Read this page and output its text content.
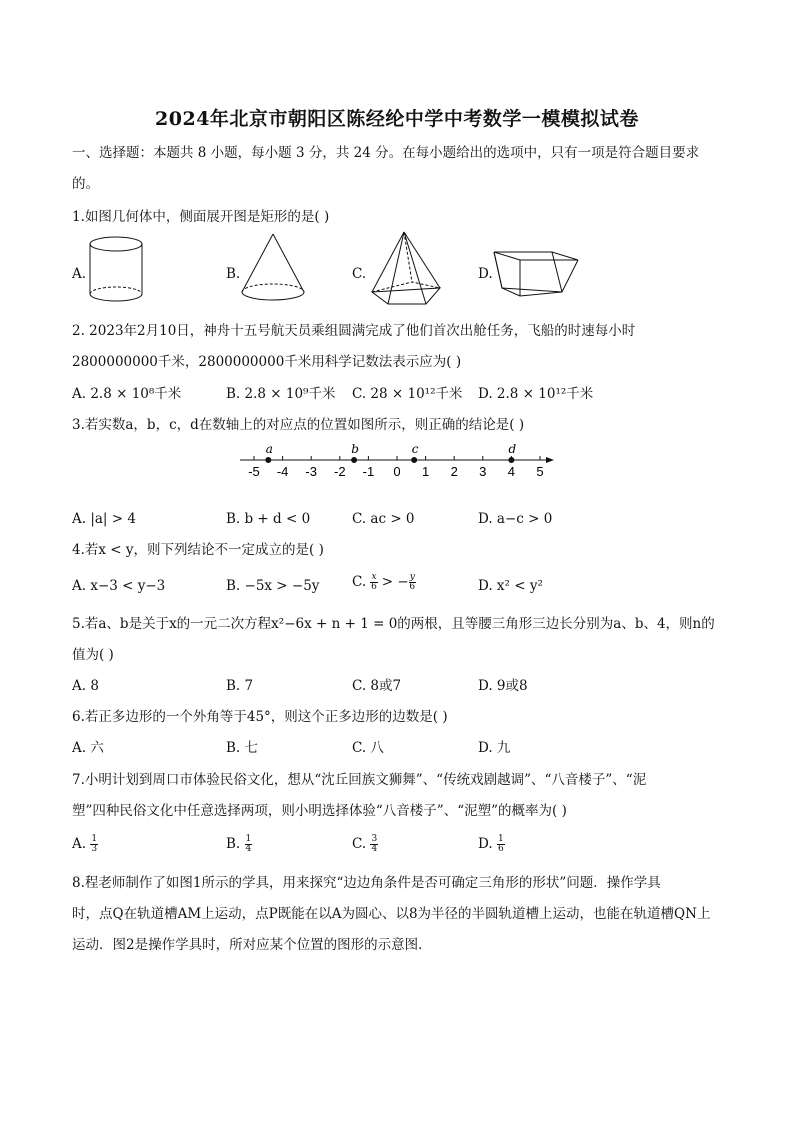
2024年北京市朝阳区陈经纶中学中考数学一模模拟试卷
一、选择题：本题共 8 小题，每小题 3 分，共 24 分。在每小题给出的选项中，只有一项是符合题目要求
的。
1.如图几何体中，侧面展开图是矩形的是( )
A.	B.	C.	D.
2. 2023年2月10日，神舟十五号航天员乘组圆满完成了他们首次出舱任务，飞船的时速每小时
2800000000千米，2800000000千米用科学记数法表示应为( )
A. 2.8 × 10⁸千米	B. 2.8 × 10⁹千米 C. 28 × 10¹²千米 D. 2.8 × 10¹²千米
3.若实数a，b，c，d在数轴上的对应点的位置如图所示，则正确的结论是( )
-5 -4 -3 -2 -1 0 1 2 3 4 5
a	b	c	d
A. |a| > 4	B. b + d < 0	C. ac > 0	D. a−c > 0
4.若x < y，则下列结论不一定成立的是( )
A. x−3 < y−3	B. −5x > −5y C. $\frac{x}{6}$ > − $\frac{y}{6}$	D. x² < y²
5.若a、b是关于x的一元二次方程x²−6x + n + 1 = 0的两根，且等腰三角形三边长分别为a、b、4，则n的
值为( )
A. 8	B. 7	C. 8或7	D. 9或8
6.若正多边形的一个外角等于45°，则这个正多边形的边数是( )
A. 六	B. 七	C. 八	D. 九
7.小明计划到周口市体验民俗文化，想从“沈丘回族文狮舞”、“传统戏剧越调”、“八音楼子”、“泥
塑”四种民俗文化中任意选择两项，则小明选择体验“八音楼子”、“泥塑”的概率为( )
A. $\frac{1}{3}$	B. $\frac{1}{4}$	C. $\frac{3}{4}$	D. $\frac{1}{6}$
8.程老师制作了如图1所示的学具，用来探究“边边角条件是否可确定三角形的形状”问题．操作学具
时，点Q在轨道槽AM上运动，点P既能在以A为圆心、以8为半径的半圆轨道槽上运动，也能在轨道槽QN上
运动．图2是操作学具时，所对应某个位置的图形的示意图．
